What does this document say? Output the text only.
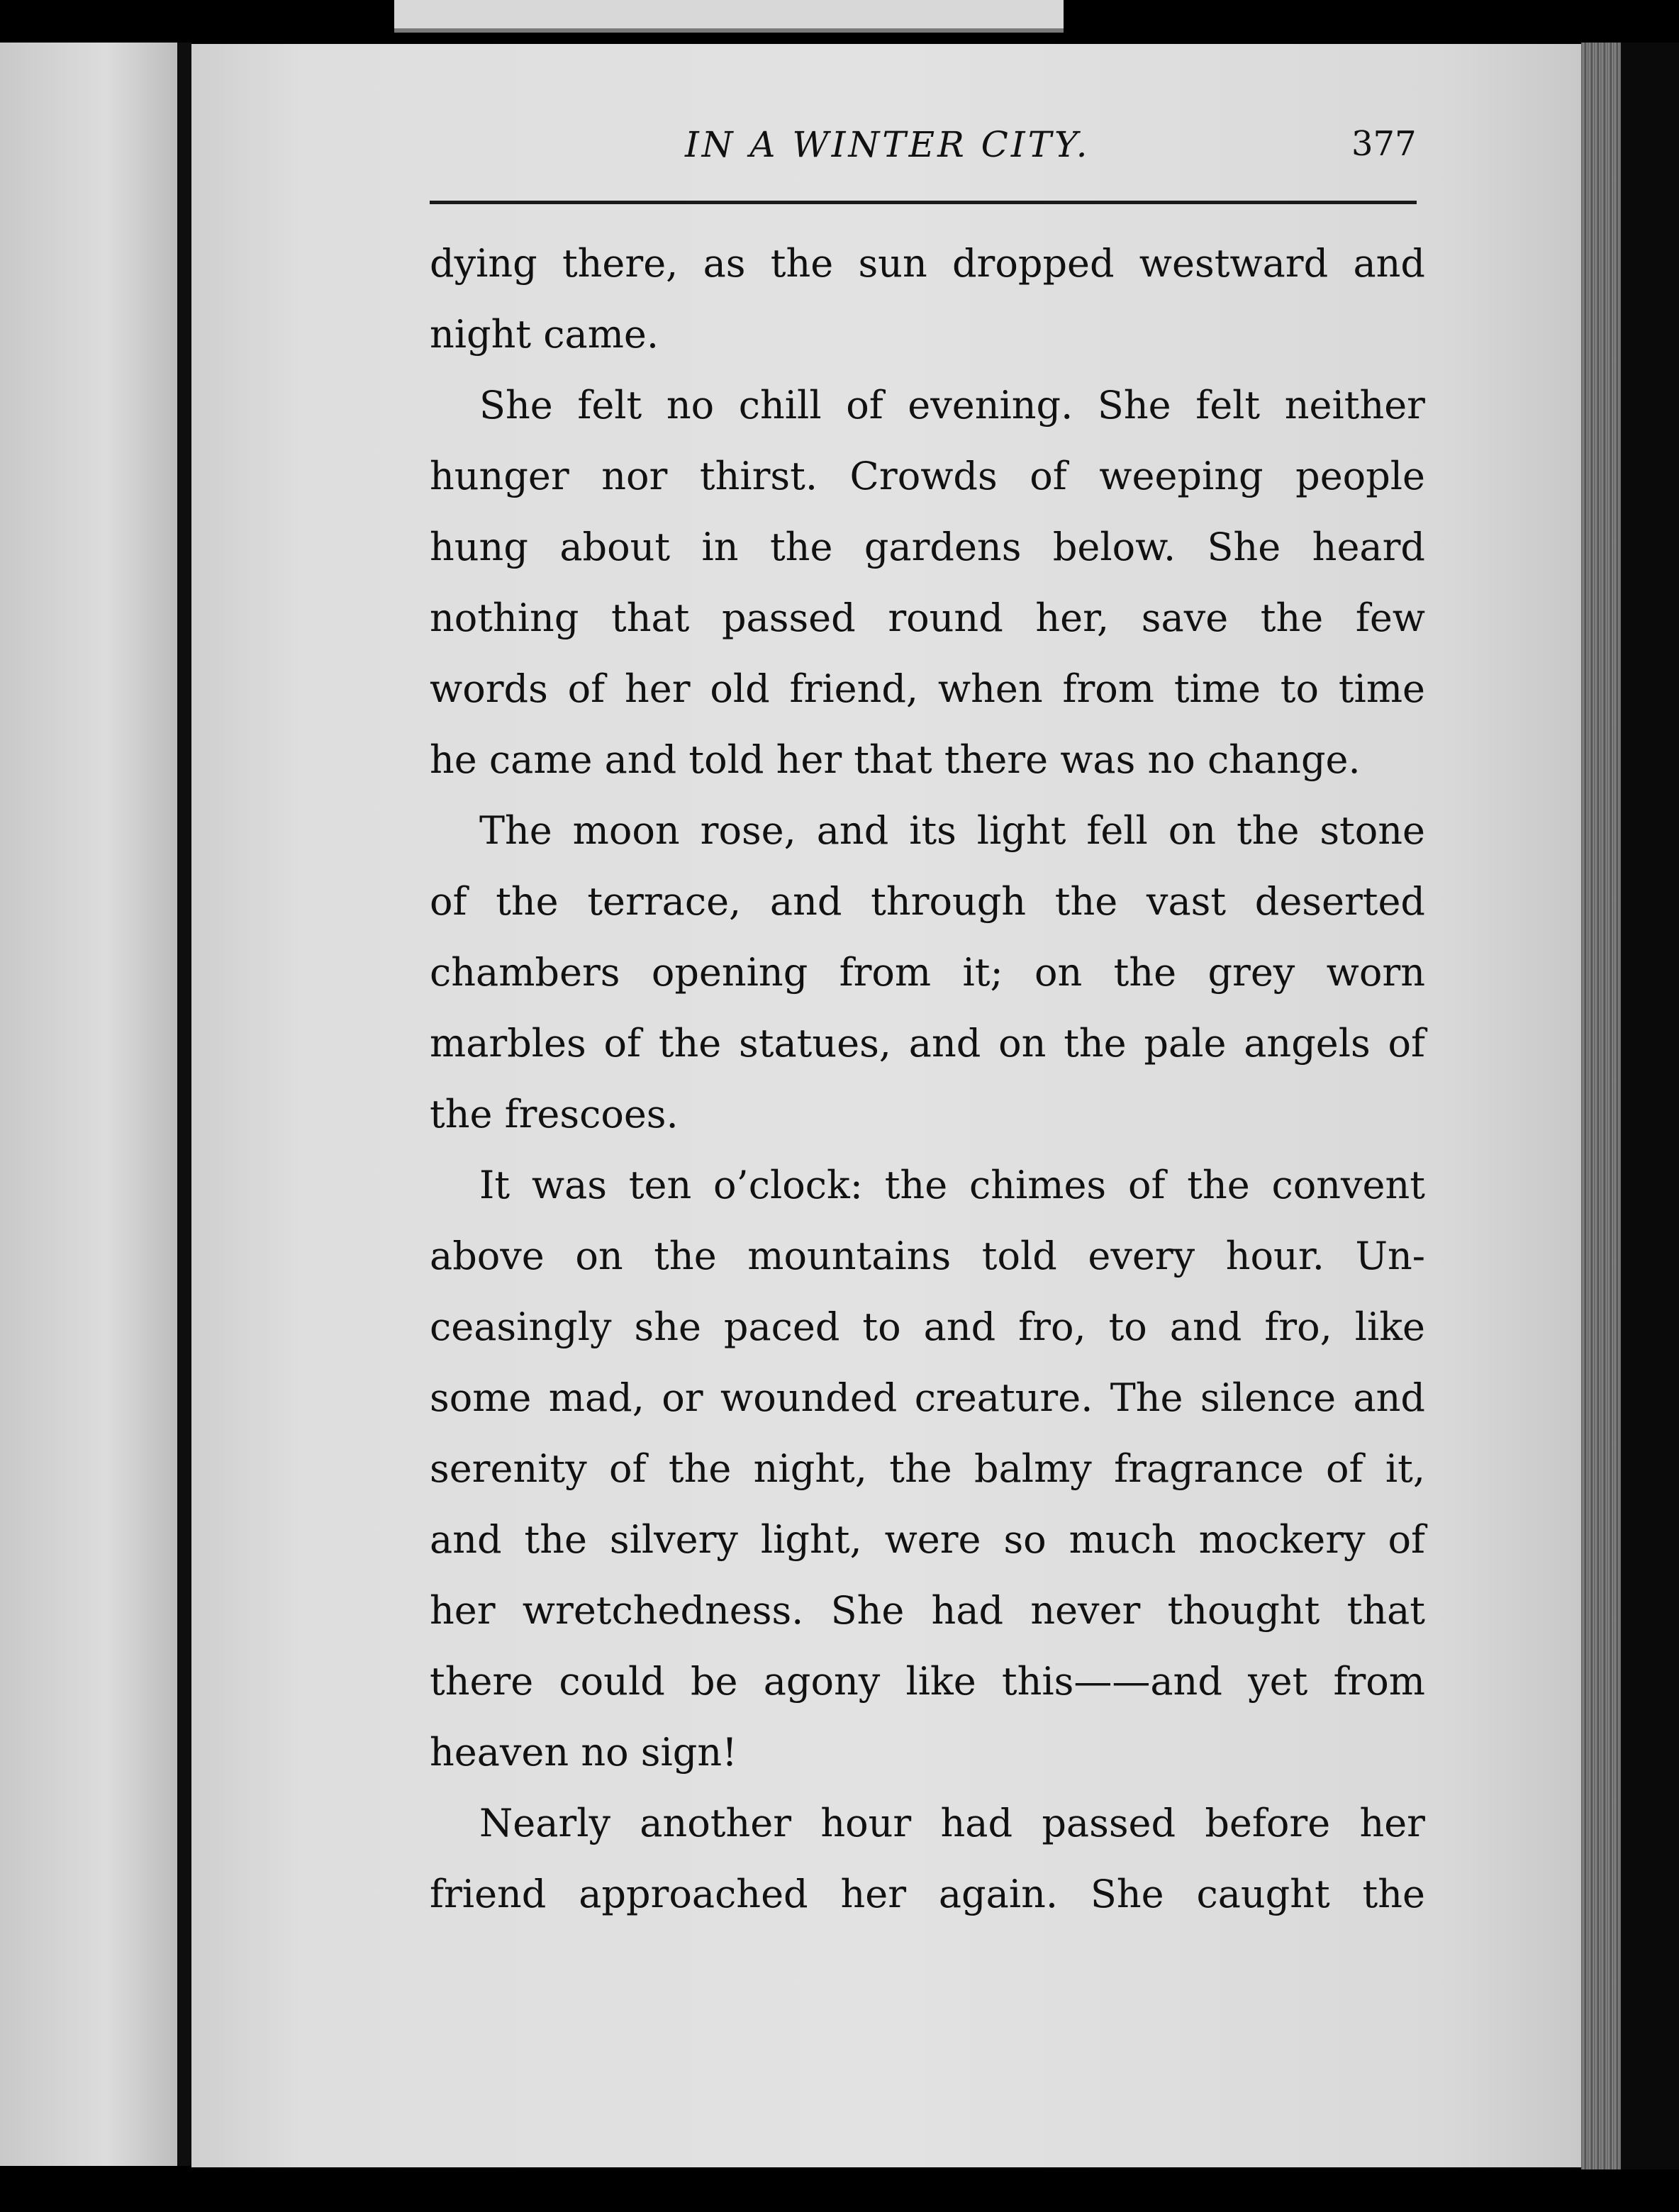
IN A WINTER CITY.	377
dying there, as the sun dropped westward and
night came.
She felt no chill of evening. She felt neither
hunger nor thirst. Crowds of weeping people
hung about in the gardens below. She heard
nothing that passed round her, save the few
words of her old friend, when from time to time
he came and told her that there was no change.
The moon rose, and its light fell on the stone
of the terrace, and through the vast deserted
chambers opening from it; on the grey worn
marbles of the statues, and on the pale angels of
the frescoes.
It was ten o’clock: the chimes of the convent
above on the mountains told every hour. Un-
ceasingly she paced to and fro, to and fro, like
some mad, or wounded creature. The silence and
serenity of the night, the balmy fragrance of it,
and the silvery light, were so much mockery of
her wretchedness. She had never thought that
there could be agony like this——and yet from
heaven no sign!
Nearly another hour had passed before her
friend approached her again. She caught the
